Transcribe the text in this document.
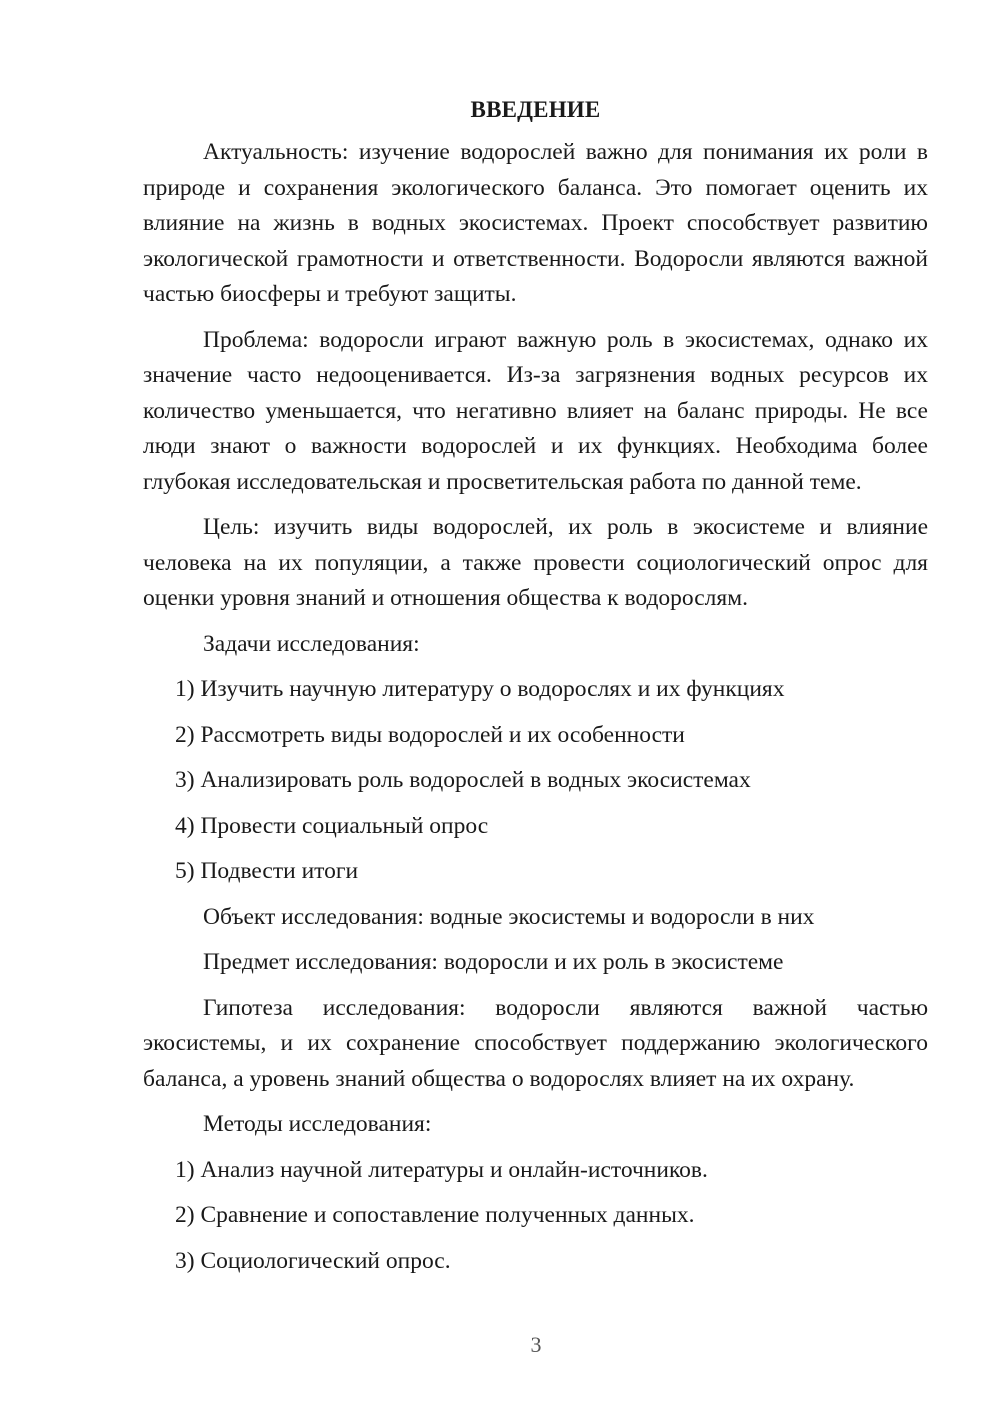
ВВЕДЕНИЕ

Актуальность: изучение водорослей важно для понимания их роли в природе и сохранения экологического баланса. Это помогает оценить их влияние на жизнь в водных экосистемах. Проект способствует развитию экологической грамотности и ответственности. Водоросли являются важной частью биосферы и требуют защиты.

Проблема: водоросли играют важную роль в экосистемах, однако их значение часто недооценивается. Из-за загрязнения водных ресурсов их количество уменьшается, что негативно влияет на баланс природы. Не все люди знают о важности водорослей и их функциях. Необходима более глубокая исследовательская и просветительская работа по данной теме.

Цель: изучить виды водорослей, их роль в экосистеме и влияние человека на их популяции, а также провести социологический опрос для оценки уровня знаний и отношения общества к водорослям.

Задачи исследования:
1) Изучить научную литературу о водорослях и их функциях
2) Рассмотреть виды водорослей и их особенности
3) Анализировать роль водорослей в водных экосистемах
4) Провести социальный опрос
5) Подвести итоги
Объект исследования: водные экосистемы и водоросли в них
Предмет исследования: водоросли и их роль в экосистеме

Гипотеза исследования: водоросли являются важной частью экосистемы, и их сохранение способствует поддержанию экологического баланса, а уровень знаний общества о водорослях влияет на их охрану.

Методы исследования:
1) Анализ научной литературы и онлайн-источников.
2) Сравнение и сопоставление полученных данных.
3) Социологический опрос.
3
